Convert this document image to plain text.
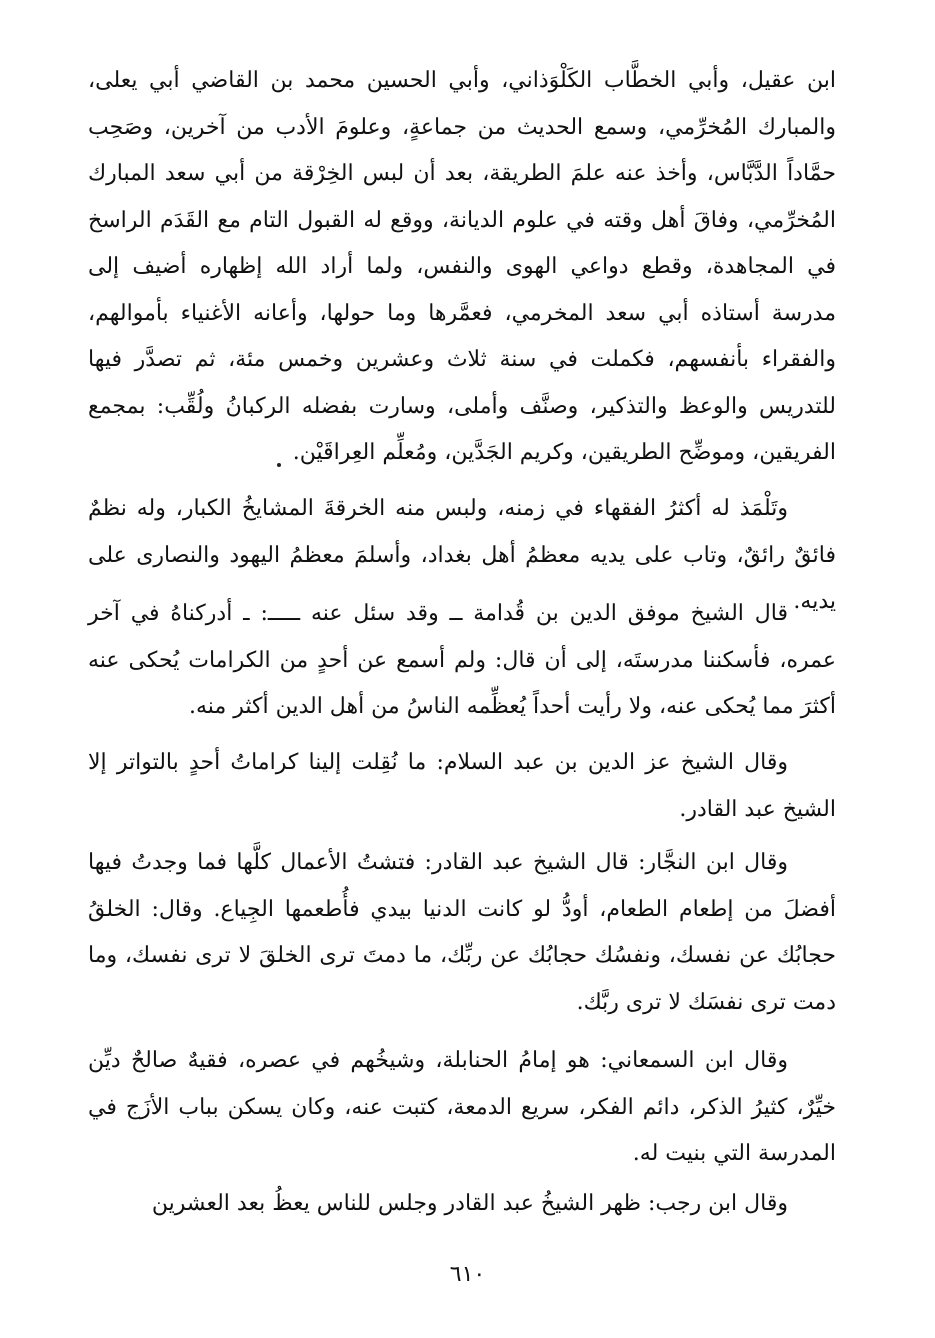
ابن عقيل، وأبي الخطَّاب الكَلْوَذاني، وأبي الحسين محمد بن القاضي أبي يعلى، والمبارك المُخرِّمي، وسمع الحديث من جماعةٍ، وعلومَ الأدب من آخرين، وصَحِب حمَّاداً الدَّبَّاس، وأخذ عنه علمَ الطريقة، بعد أن لبس الخِرْقة من أبي سعد المبارك المُخرِّمي، وفاقَ أهل وقته في علوم الديانة، ووقع له القبول التام مع القَدَم الراسخ في المجاهدة، وقطع دواعي الهوى والنفس، ولما أراد الله إظهاره أضيف إلى مدرسة أستاذه أبي سعد المخرمي، فعمَّرها وما حولها، وأعانه الأغنياء بأموالهم، والفقراء بأنفسهم، فكملت في سنة ثلاث وعشرين وخمس مئة، ثم تصدَّر فيها للتدريس والوعظ والتذكير، وصنَّف وأملى، وسارت بفضله الركبانُ ولُقِّب: بمجمع الفريقين، وموضِّح الطريقين، وكريم الجَدَّين، ومُعلِّم العِراقَيْن.

وتَلْمَذ له أكثرُ الفقهاء في زمنه، ولبس منه الخرقةَ المشايخُ الكبار، وله نظمٌ فائقٌ رائقٌ، وتاب على يديه معظمُ أهل بغداد، وأسلمَ معظمُ اليهود والنصارى على يديه.

قال الشيخ موفق الدين بن قُدامة ــ وقد سئل عنه ـــــ: ـ أدركناهُ في آخر عمره، فأسكننا مدرستَه، إلى أن قال: ولم أسمع عن أحدٍ من الكرامات يُحكى عنه أكثرَ مما يُحكى عنه، ولا رأيت أحداً يُعظِّمه الناسُ من أهل الدين أكثر منه.

وقال الشيخ عز الدين بن عبد السلام: ما نُقِلت إلينا كراماتُ أحدٍ بالتواتر إلا الشيخ عبد القادر.

وقال ابن النجَّار: قال الشيخ عبد القادر: فتشتُ الأعمال كلَّها فما وجدتُ فيها أفضلَ من إطعام الطعام، أودُّ لو كانت الدنيا بيدي فأُطعمها الجِياع. وقال: الخلقُ حجابُك عن نفسك، ونفسُك حجابُك عن ربِّك، ما دمتَ ترى الخلقَ لا ترى نفسك، وما دمت ترى نفسَك لا ترى ربَّك.

وقال ابن السمعاني: هو إمامُ الحنابلة، وشيخُهم في عصره، فقيهٌ صالحٌ ديِّن خيِّرٌ، كثيرُ الذكر، دائم الفكر، سريع الدمعة، كتبت عنه، وكان يسكن بباب الأزَج في المدرسة التي بنيت له.

وقال ابن رجب: ظهر الشيخُ عبد القادر وجلس للناس يعظُ بعد العشرين

٦١٠
